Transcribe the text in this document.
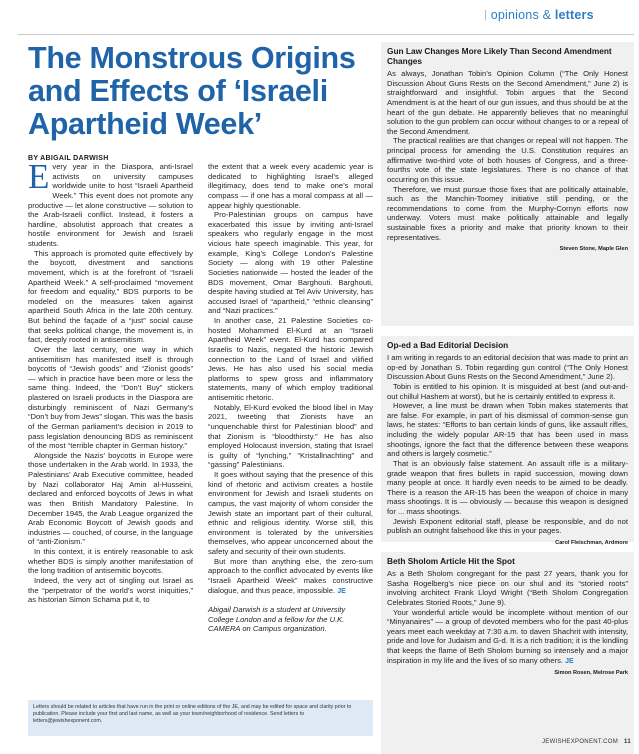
| opinions & letters
The Monstrous Origins and Effects of ‘Israeli Apartheid Week’
BY ABIGAIL DARWISH

Every year in the Diaspora, anti-Israel activists on university campuses worldwide unite to host “Israeli Apartheid Week.” This event does not promote any productive — let alone constructive — solution to the Arab-Israeli conflict. Instead, it fosters a hardline, absolutist approach that creates a hostile environment for Jewish and Israeli students.

This approach is promoted quite effectively by the boycott, divestment and sanctions movement, which is at the forefront of “Israeli Apartheid Week.” A self-proclaimed “movement for freedom and equality,” BDS purports to be modeled on the measures taken against apartheid South Africa in the late 20th century. But behind the façade of a “just” social cause that seeks political change, the movement is, in fact, deeply rooted in antisemitism.

Over the last century, one way in which antisemitism has manifested itself is through boycotts of “Jewish goods” and “Zionist goods” — which in practice have been more or less the same thing. Indeed, the “Don’t Buy” stickers plastered on Israeli products in the Diaspora are disturbingly reminiscent of Nazi Germany’s “Don’t buy from Jews” slogan. This was the basis of the German parliament’s decision in 2019 to pass legislation denouncing BDS as reminiscent of the most “terrible chapter in German history.”

Alongside the Nazis’ boycotts in Europe were those undertaken in the Arab world. In 1933, the Palestinians’ Arab Executive committee, headed by Nazi collaborator Haj Amin al-Husseini, declared and enforced boycotts of Jews in what was then British Mandatory Palestine. In December 1945, the Arab League organized the Arab Economic Boycott of Jewish goods and industries — couched, of course, in the language of “anti-Zionism.”

In this context, it is entirely reasonable to ask whether BDS is simply another manifestation of the long tradition of antisemitic boycotts.

Indeed, the very act of singling out Israel as the “perpetrator of the world’s worst iniquities,” as historian Simon Schama put it, to

the extent that a week every academic year is dedicated to highlighting Israel’s alleged illegitimacy, does tend to make one’s moral compass — if one has a moral compass at all — appear highly questionable.

Pro-Palestinian groups on campus have exacerbated this issue by inviting anti-Israel speakers who regularly engage in the most vicious hate speech imaginable. This year, for example, King’s College London’s Palestine Society — along with 19 other Palestine Societies nationwide — hosted the leader of the BDS movement, Omar Barghouti. Barghouti, despite having studied at Tel Aviv University, has accused Israel of “apartheid,” “ethnic cleansing” and “Nazi practices.”

In another case, 21 Palestine Societies co-hosted Mohammed El-Kurd at an “Israeli Apartheid Week” event. El-Kurd has compared Israelis to Nazis, negated the historic Jewish connection to the Land of Israel and vilified Jews. He has also used his social media platforms to spew gross and inflammatory statements, many of which employ traditional antisemitic rhetoric.

Notably, El-Kurd evoked the blood libel in May 2021, tweeting that Zionists have an “unquenchable thirst for Palestinian blood” and that Zionism is “bloodthirsty.” He has also employed Holocaust inversion, stating that Israel is guilty of “lynching,” “Kristallnachting” and “gassing” Palestinians.

It goes without saying that the presence of this kind of rhetoric and activism creates a hostile environment for Jewish and Israeli students on campus, the vast majority of whom consider the Jewish state an important part of their cultural, ethnic and religious identity. Worse still, this environment is tolerated by the universities themselves, who appear unconcerned about the safety and security of their own students.

But more than anything else, the zero-sum approach to the conflict advocated by events like “Israeli Apartheid Week” makes constructive dialogue, and thus peace, impossible. JE

Abigail Darwish is a student at University College London and a fellow for the U.K. CAMERA on Campus organization.

Letters should be related to articles that have run in the print or online editions of the JE, and may be edited for space and clarity prior to publication. Please include your first and last name, as well as your town/neighborhood of residence. Send letters to letters@jewishexponent.com.
Gun Law Changes More Likely Than Second Amendment Changes

As always, Jonathan Tobin’s Opinion Column (“The Only Honest Discussion About Guns Rests on the Second Amendment,” June 2) is straightforward and insightful. Tobin argues that the Second Amendment is at the heart of our gun issues, and thus should be at the heart of the gun debate. He apparently believes that no meaningful solution to the gun problem can occur without changes to or a repeal of the Second Amendment.

The practical realities are that changes or repeal will not happen. The principal process for amending the U.S. Constitution requires an affirmative two-third vote of both houses of Congress, and a three-fourths vote of the state legislatures. There is no chance of that occurring on this issue.

Therefore, we must pursue those fixes that are politically attainable, such as the Manchin-Toomey initiative still pending, or the recommendations to come from the Murphy-Cornyn efforts now underway. Voters must make politically attainable and legally sustainable fixes a priority and make that priority known to their representatives.

Steven Stone, Maple Glen
Op-ed a Bad Editorial Decision

I am writing in regards to an editorial decision that was made to print an op-ed by Jonathan S. Tobin regarding gun control (“The Only Honest Discussion About Guns Rests on the Second Amendment,” June 2).

Tobin is entitled to his opinion. It is misguided at best (and out-and-out chillul Hashem at worst), but he is certainly entitled to express it.

However, a line must be drawn when Tobin makes statements that are false. For example, in part of his dismissal of common-sense gun laws, he states: “Efforts to ban certain kinds of guns, like assault rifles, including the widely popular AR-15 that has been used in mass shootings, ignore the fact that the difference between these weapons and others is largely cosmetic.”

That is an obviously false statement. An assault rifle is a military-grade weapon that fires bullets in rapid succession, mowing down many people at once. It hardly even needs to be aimed to be deadly. There is a reason the AR-15 has been the weapon of choice in many mass shootings. It is — obviously — because this weapon is designed for ... mass shootings.

Jewish Exponent editorial staff, please be responsible, and do not publish an outright falsehood like this in your pages.

Carol Fleischman, Ardmore
Beth Sholom Article Hit the Spot

As a Beth Sholom congregant for the past 27 years, thank you for Sasha Rogelberg’s nice piece on our shul and its “storied roots” involving architect Frank Lloyd Wright (“Beth Sholom Congregation Celebrates Storied Roots,” June 9).

Your wonderful article would be incomplete without mention of our “Minyanaires” — a group of devoted members who for the past 40-plus years meet each weekday at 7:30 a.m. to daven Shachrit with intensity, pride and love for Judaism and G-d. It is a rich tradition; it is the kindling that keeps the flame of Beth Sholom burning so intensely and a major inspiration in my life and the lives of so many others. JE

Simon Rosen, Melrose Park
JEWISHEXPONENT.COM 11
